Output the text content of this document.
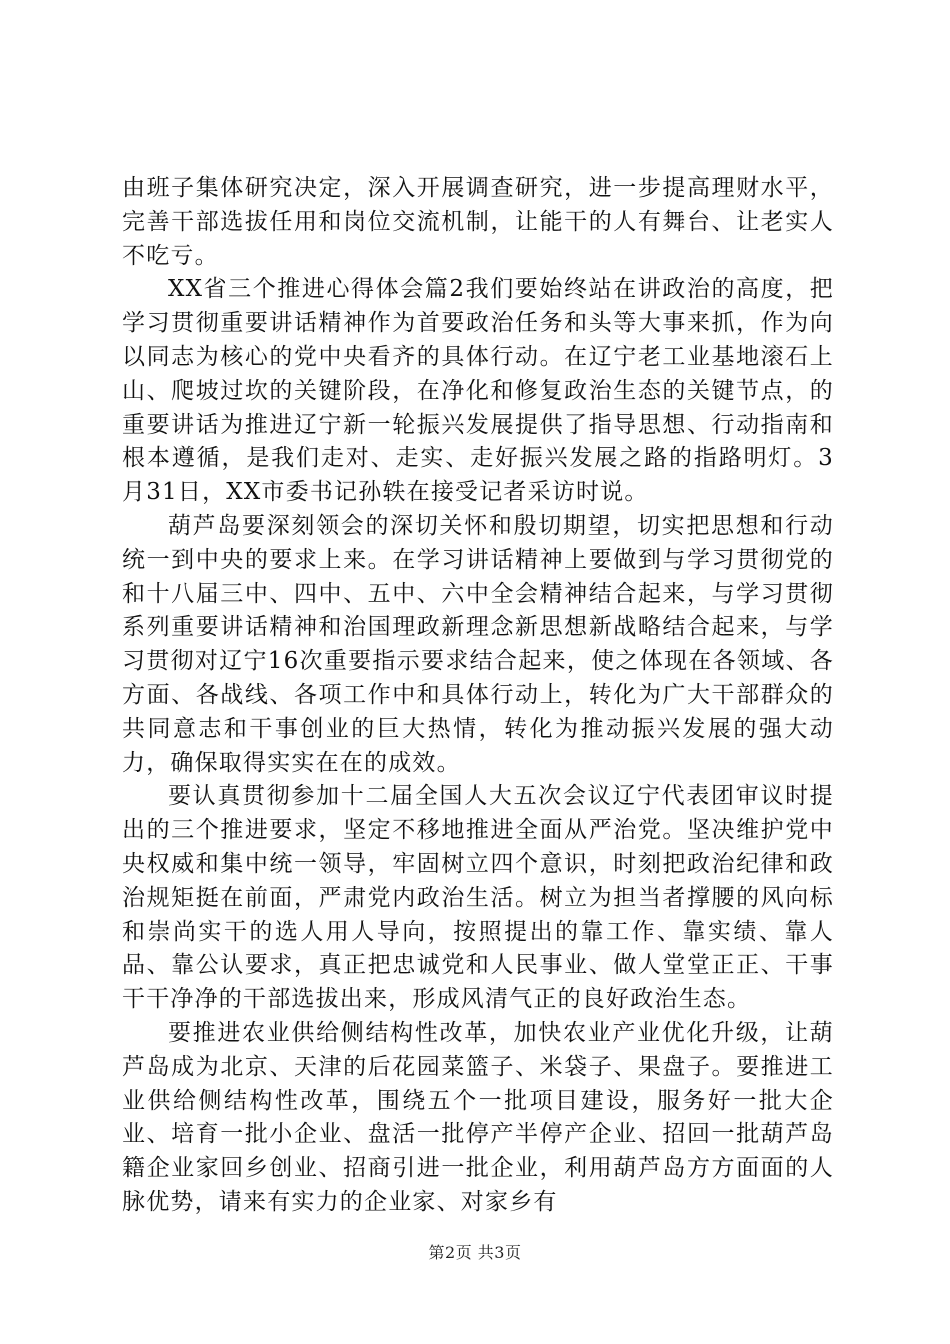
由班子集体研究决定，深入开展调查研究，进一步提高理财水平，完善干部选拔任用和岗位交流机制，让能干的人有舞台、让老实人不吃亏。

XX省三个推进心得体会篇2我们要始终站在讲政治的高度，把学习贯彻重要讲话精神作为首要政治任务和头等大事来抓，作为向以同志为核心的党中央看齐的具体行动。在辽宁老工业基地滚石上山、爬坡过坎的关键阶段，在净化和修复政治生态的关键节点，的重要讲话为推进辽宁新一轮振兴发展提供了指导思想、行动指南和根本遵循，是我们走对、走实、走好振兴发展之路的指路明灯。3月31日，XX市委书记孙轶在接受记者采访时说。

葫芦岛要深刻领会的深切关怀和殷切期望，切实把思想和行动统一到中央的要求上来。在学习讲话精神上要做到与学习贯彻党的和十八届三中、四中、五中、六中全会精神结合起来，与学习贯彻系列重要讲话精神和治国理政新理念新思想新战略结合起来，与学习贯彻对辽宁16次重要指示要求结合起来，使之体现在各领域、各方面、各战线、各项工作中和具体行动上，转化为广大干部群众的共同意志和干事创业的巨大热情，转化为推动振兴发展的强大动力，确保取得实实在在的成效。

要认真贯彻参加十二届全国人大五次会议辽宁代表团审议时提出的三个推进要求，坚定不移地推进全面从严治党。坚决维护党中央权威和集中统一领导，牢固树立四个意识，时刻把政治纪律和政治规矩挺在前面，严肃党内政治生活。树立为担当者撑腰的风向标和崇尚实干的选人用人导向，按照提出的靠工作、靠实绩、靠人品、靠公认要求，真正把忠诚党和人民事业、做人堂堂正正、干事干干净净的干部选拔出来，形成风清气正的良好政治生态。

要推进农业供给侧结构性改革，加快农业产业优化升级，让葫芦岛成为北京、天津的后花园菜篮子、米袋子、果盘子。要推进工业供给侧结构性改革，围绕五个一批项目建设，服务好一批大企业、培育一批小企业、盘活一批停产半停产企业、招回一批葫芦岛籍企业家回乡创业、招商引进一批企业，利用葫芦岛方方面面的人脉优势，请来有实力的企业家、对家乡有

第2页 共3页
